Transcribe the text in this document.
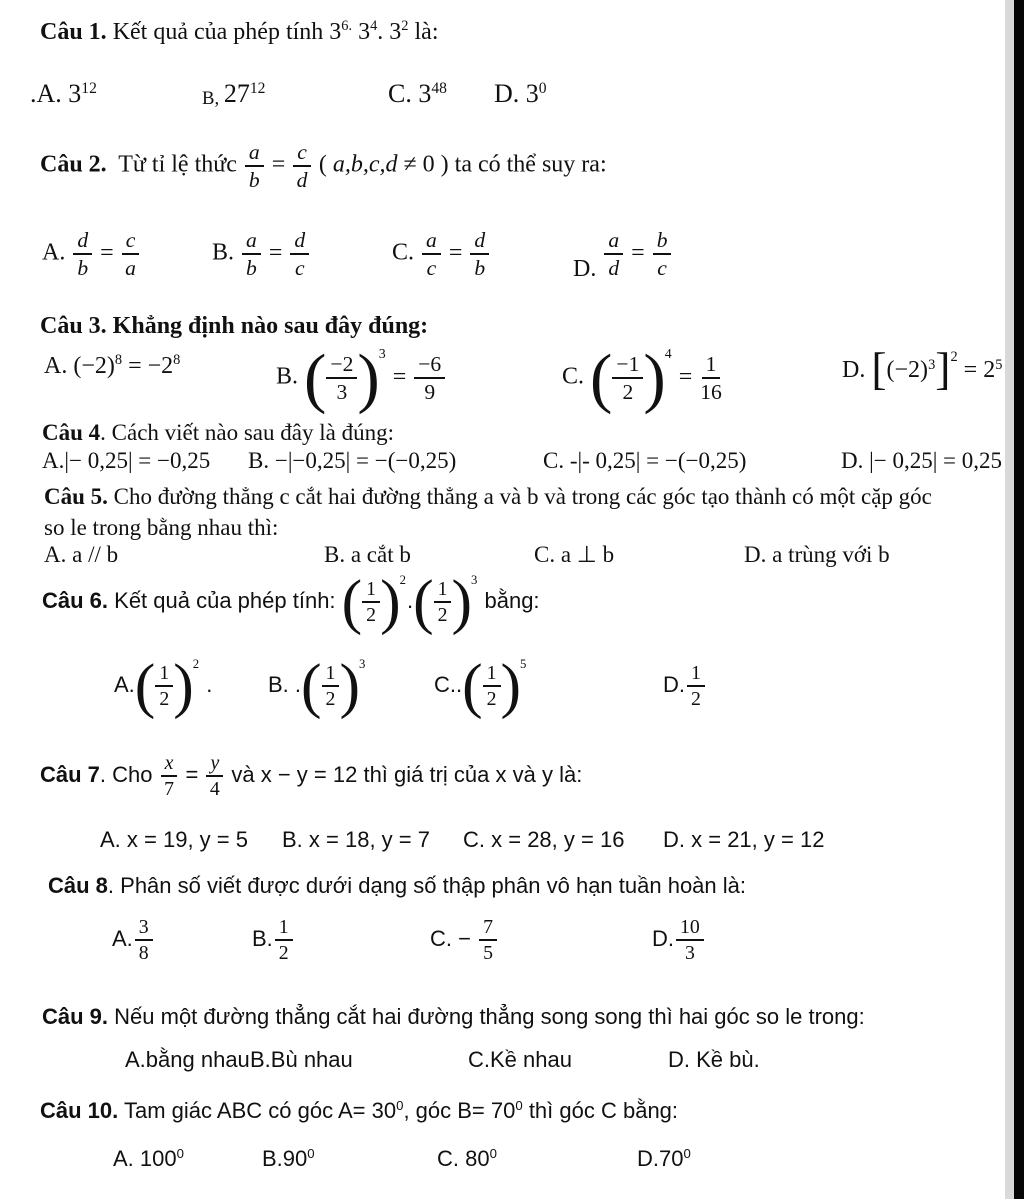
Câu 1. Kết quả của phép tính $3^{6.}$ $3^4$. $3^2$ là:
.A. $3^{12}$	B, $27^{12}$	C. $3^{48}$ D. $3^0$
Câu 2.  Từ tỉ lệ thức $\frac{a}{b} = \frac{c}{d}$ ( a,b,c,d ≠ 0 ) ta có thể suy ra:
A. $\frac{d}{b} = \frac{c}{a}$	B. $\frac{a}{b} = \frac{d}{c}$	C. $\frac{a}{c} = \frac{d}{b}$	D. $\frac{a}{d} = \frac{b}{c}$
Câu 3. Khẳng định nào sau đây đúng:
A. $(-2)^8 = -2^8$
B. ( $\frac{-2}{3}$ ) 3
= $\frac{-6}{9}$	C. ( $\frac{-1}{2}$ ) 4
= $\frac{1}{16}$	D. $[(-2)^3]^2 = 2^5$
Câu 4. Cách viết nào sau đây là đúng:
A.|− 0,25| = −0,25 B. −|−0,25| = −(−0,25)	C. -|- 0,25| = −(−0,25)	D. |− 0,25| = 0,25
Câu 5. Cho đường thẳng c cắt hai đường thẳng a và b và trong các góc tạo thành có một cặp góc
so le trong bằng nhau thì:
A. a // b	B. a cắt b	C. a ⊥ b	D. a trùng với b
Câu 6. Kết quả của phép tính: ( $\frac{1}{2}$ ) 2
. ( $\frac{1}{2}$ ) 3
bằng:
A. ( $\frac{1}{2}$ ) 2
.	B. . ( $\frac{1}{2}$ ) 3
C.. ( $\frac{1}{2}$ ) 5
D. $\frac{1}{2}$
Câu 7. Cho $\frac{x}{7} = \frac{y}{4}$ và x − y = 12 thì giá trị của x và y là:
A. x = 19, y = 5 B. x = 18, y = 7 C. x = 28, y = 16 D. x = 21, y = 12
Câu 8. Phân số viết được dưới dạng số thập phân vô hạn tuần hoàn là:
A. $\frac{3}{8}$	B. $\frac{1}{2}$	C. − $\frac{7}{5}$	D. $\frac{10}{3}$
Câu 9. Nếu một đường thẳng cắt hai đường thẳng song song thì hai góc so le trong:
A.bằng nhau B.Bù nhau	C.Kề nhau	D. Kề bù.
Câu 10. Tam giác ABC có góc $A= 30^0$, góc $B= 70^0$ thì góc C bằng:
A. $100^0$	$B.90^0$	C. $80^0$	$D.70^0$
